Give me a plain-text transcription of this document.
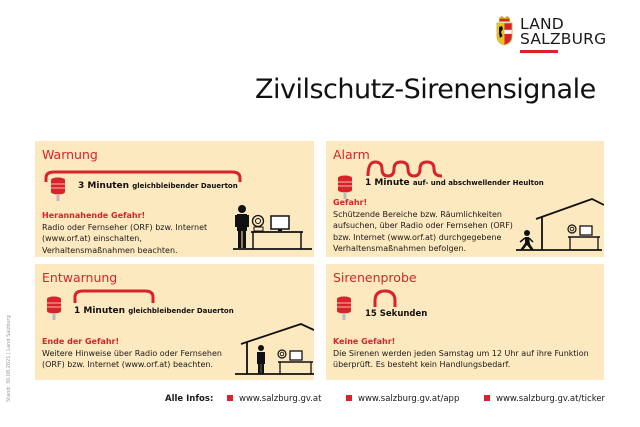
LAND
SALZBURG
Zivilschutz-Sirenensignale
Stand: 30.08.2021 | Land Salzburg
Warnung
3 Minuten gleichbleibender Dauerton
Herannahende Gefahr!
Radio oder Fernseher (ORF) bzw. Internet
(www.orf.at) einschalten,
Verhaltensmaßnahmen beachten.
Alarm
1 Minute auf- und abschwellender Heulton
Gefahr!
Schützende Bereiche bzw. Räumlichkeiten
aufsuchen, über Radio oder Fernsehen (ORF)
bzw. Internet (www.orf.at) durchgegebene
Verhaltensmaßnahmen befolgen.
Entwarnung
1 Minuten gleichbleibender Dauerton
Ende der Gefahr!
Weitere Hinweise über Radio oder Fernsehen
(ORF) bzw. Internet (www.orf.at) beachten.
Sirenenprobe
15 Sekunden
Keine Gefahr!
Die Sirenen werden jeden Samstag um 12 Uhr auf ihre Funktion
überprüft. Es besteht kein Handlungsbedarf.
Alle Infos:	www.salzburg.gv.at	www.salzburg.gv.at/app	www.salzburg.gv.at/ticker
